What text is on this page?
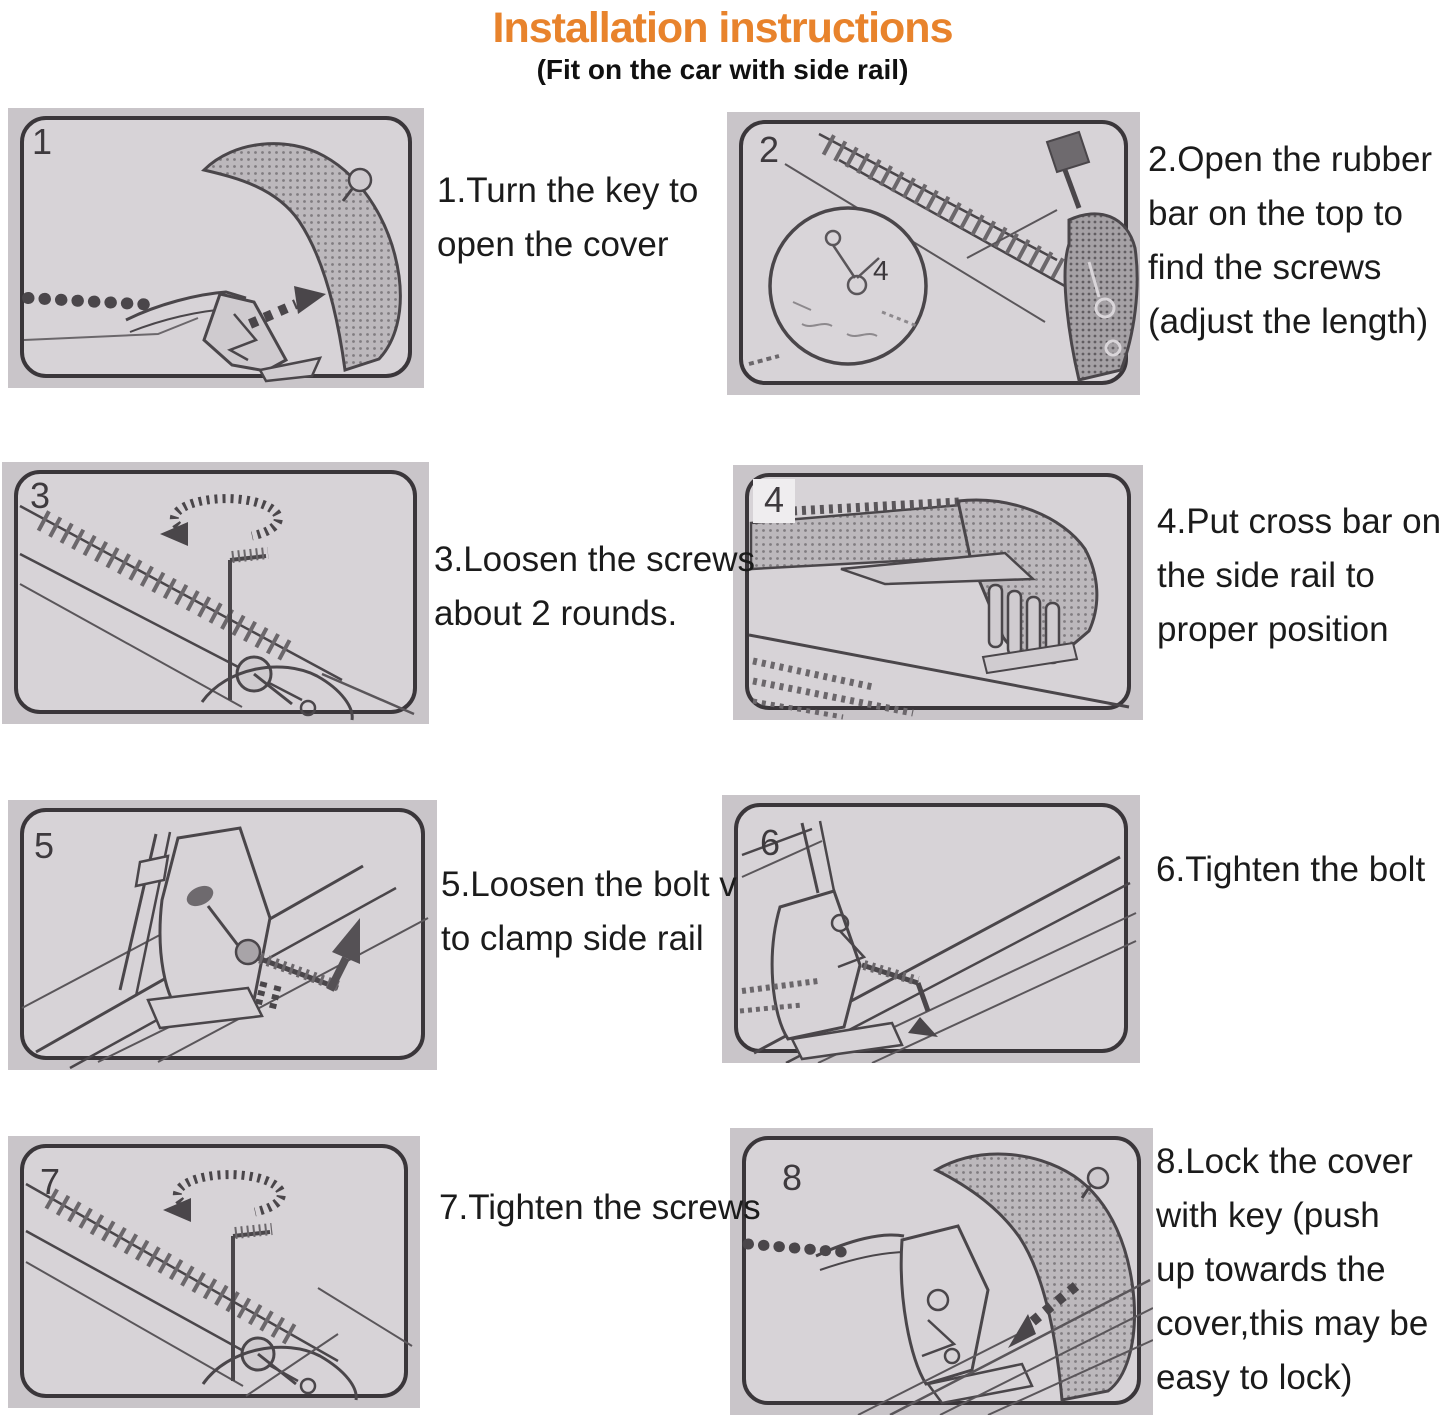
Installation instructions
(Fit on the car with side rail)
1
1.Turn the key to
open the cover
4
2	2.Open the rubber
bar on the top to
find the screws
(adjust the length)
3
3.Loosen the screws
about 2 rounds.
4
4.Put cross bar on
the side rail to
proper position
5
5.Loosen the bolt v
to clamp side rail
6
6.Tighten the bolt
7
7.Tighten the screws
8	8.Lock the cover
with key (push
up towards the
cover,this may be
easy to lock)
